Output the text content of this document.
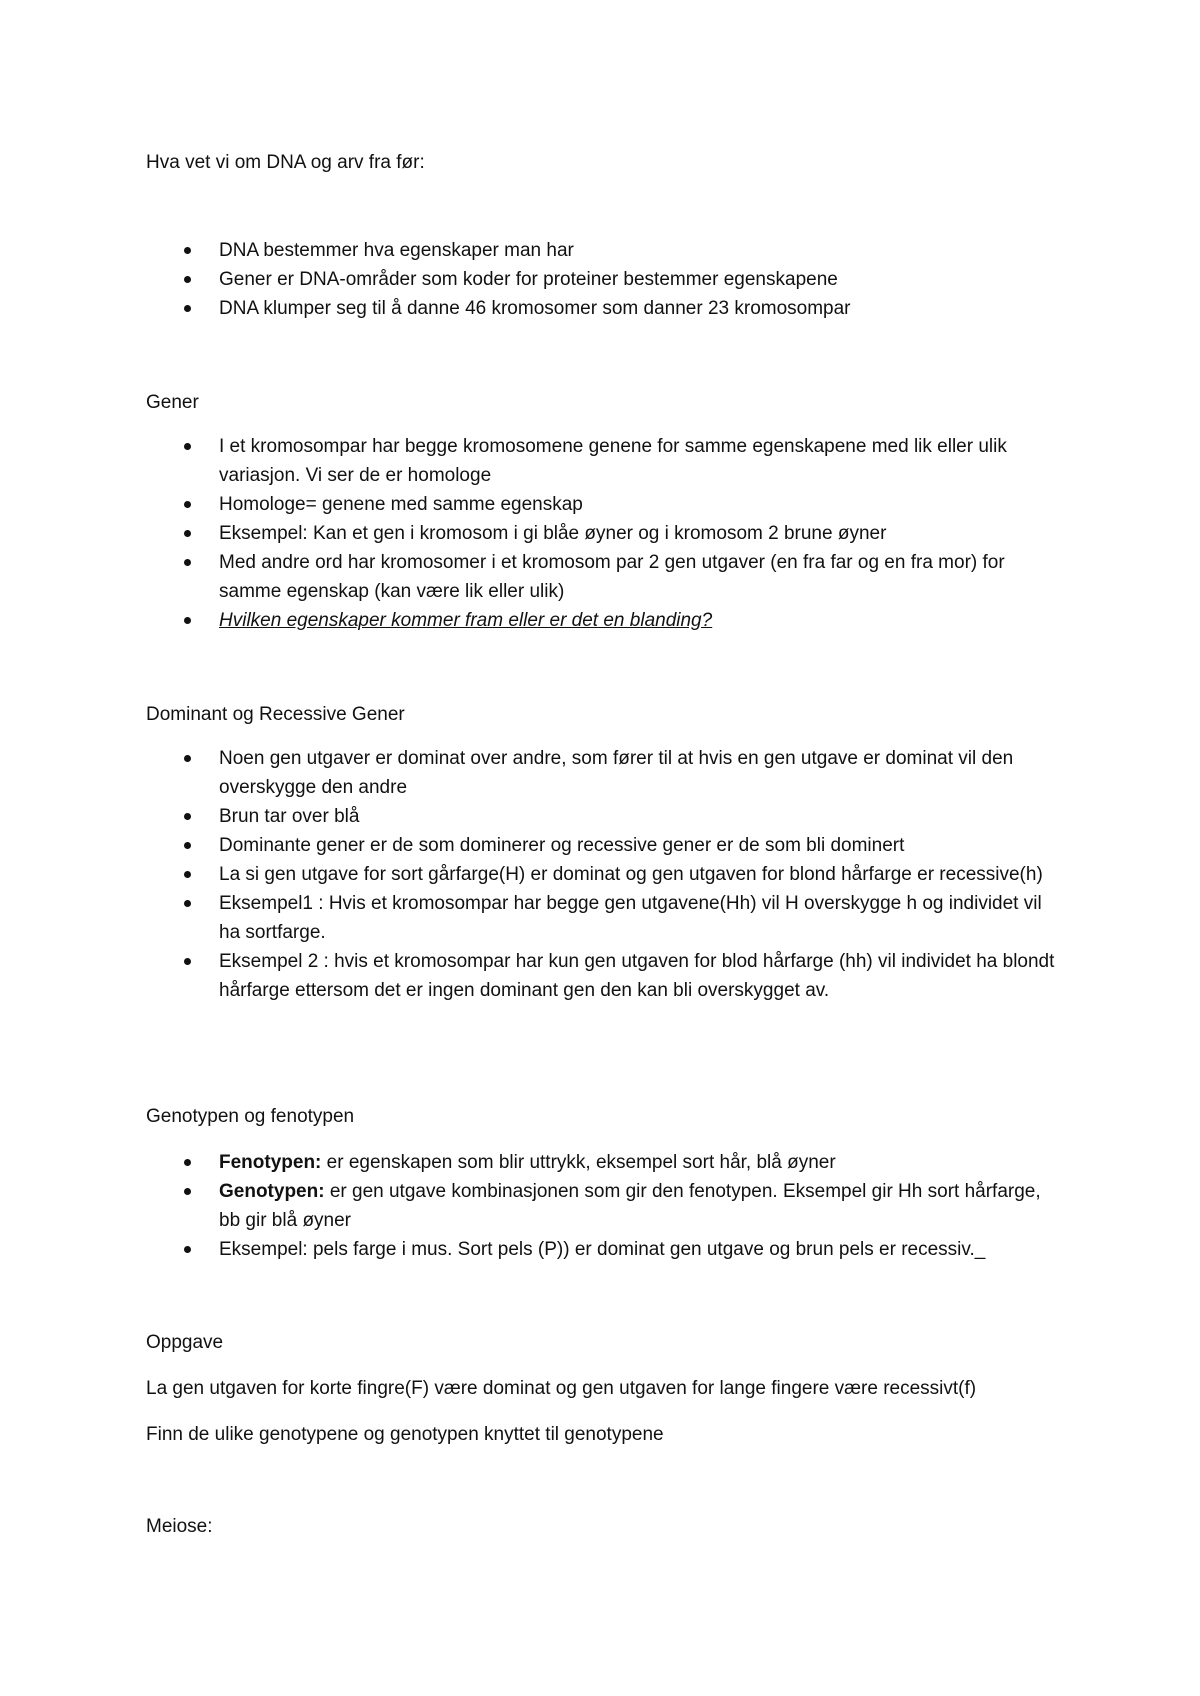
Hva vet vi om DNA og arv fra før:

DNA bestemmer hva egenskaper man har
Gener er DNA-områder som koder for proteiner bestemmer egenskapene
DNA klumper seg til å danne 46 kromosomer som danner 23 kromosompar

Gener

I et kromosompar har begge kromosomene genene for samme egenskapene med lik eller ulik variasjon. Vi ser de er homologe
Homologe= genene med samme egenskap
Eksempel: Kan et gen i kromosom i gi blåe øyner og i kromosom 2 brune øyner
Med andre ord har kromosomer i et kromosom par 2 gen utgaver (en fra far og en fra mor) for samme egenskap (kan være lik eller ulik)
Hvilken egenskaper kommer fram eller er det en blanding?

Dominant og Recessive Gener

Noen gen utgaver er dominat over andre, som fører til at hvis en gen utgave er dominat vil den overskygge den andre
Brun tar over blå
Dominante gener er de som dominerer og recessive gener er de som bli dominert
La si gen utgave for sort gårfarge(H) er dominat og gen utgaven for blond hårfarge er recessive(h)
Eksempel1 : Hvis et kromosompar har begge gen utgavene(Hh) vil H overskygge h og individet vil ha sortfarge.
Eksempel 2 : hvis et kromosompar har kun gen utgaven for blod hårfarge (hh) vil individet ha blondt hårfarge ettersom det er ingen dominant gen den kan bli overskygget av.

Genotypen og fenotypen

Fenotypen: er egenskapen som blir uttrykk, eksempel sort hår, blå øyner
Genotypen: er gen utgave kombinasjonen som gir den fenotypen. Eksempel gir Hh sort hårfarge, bb gir blå øyner
Eksempel: pels farge i mus. Sort pels (P)) er dominat gen utgave og brun pels er recessiv._

Oppgave

La gen utgaven for korte fingre(F) være dominat og gen utgaven for lange fingere være recessivt(f)

Finn de ulike genotypene og genotypen knyttet til genotypene

Meiose:
